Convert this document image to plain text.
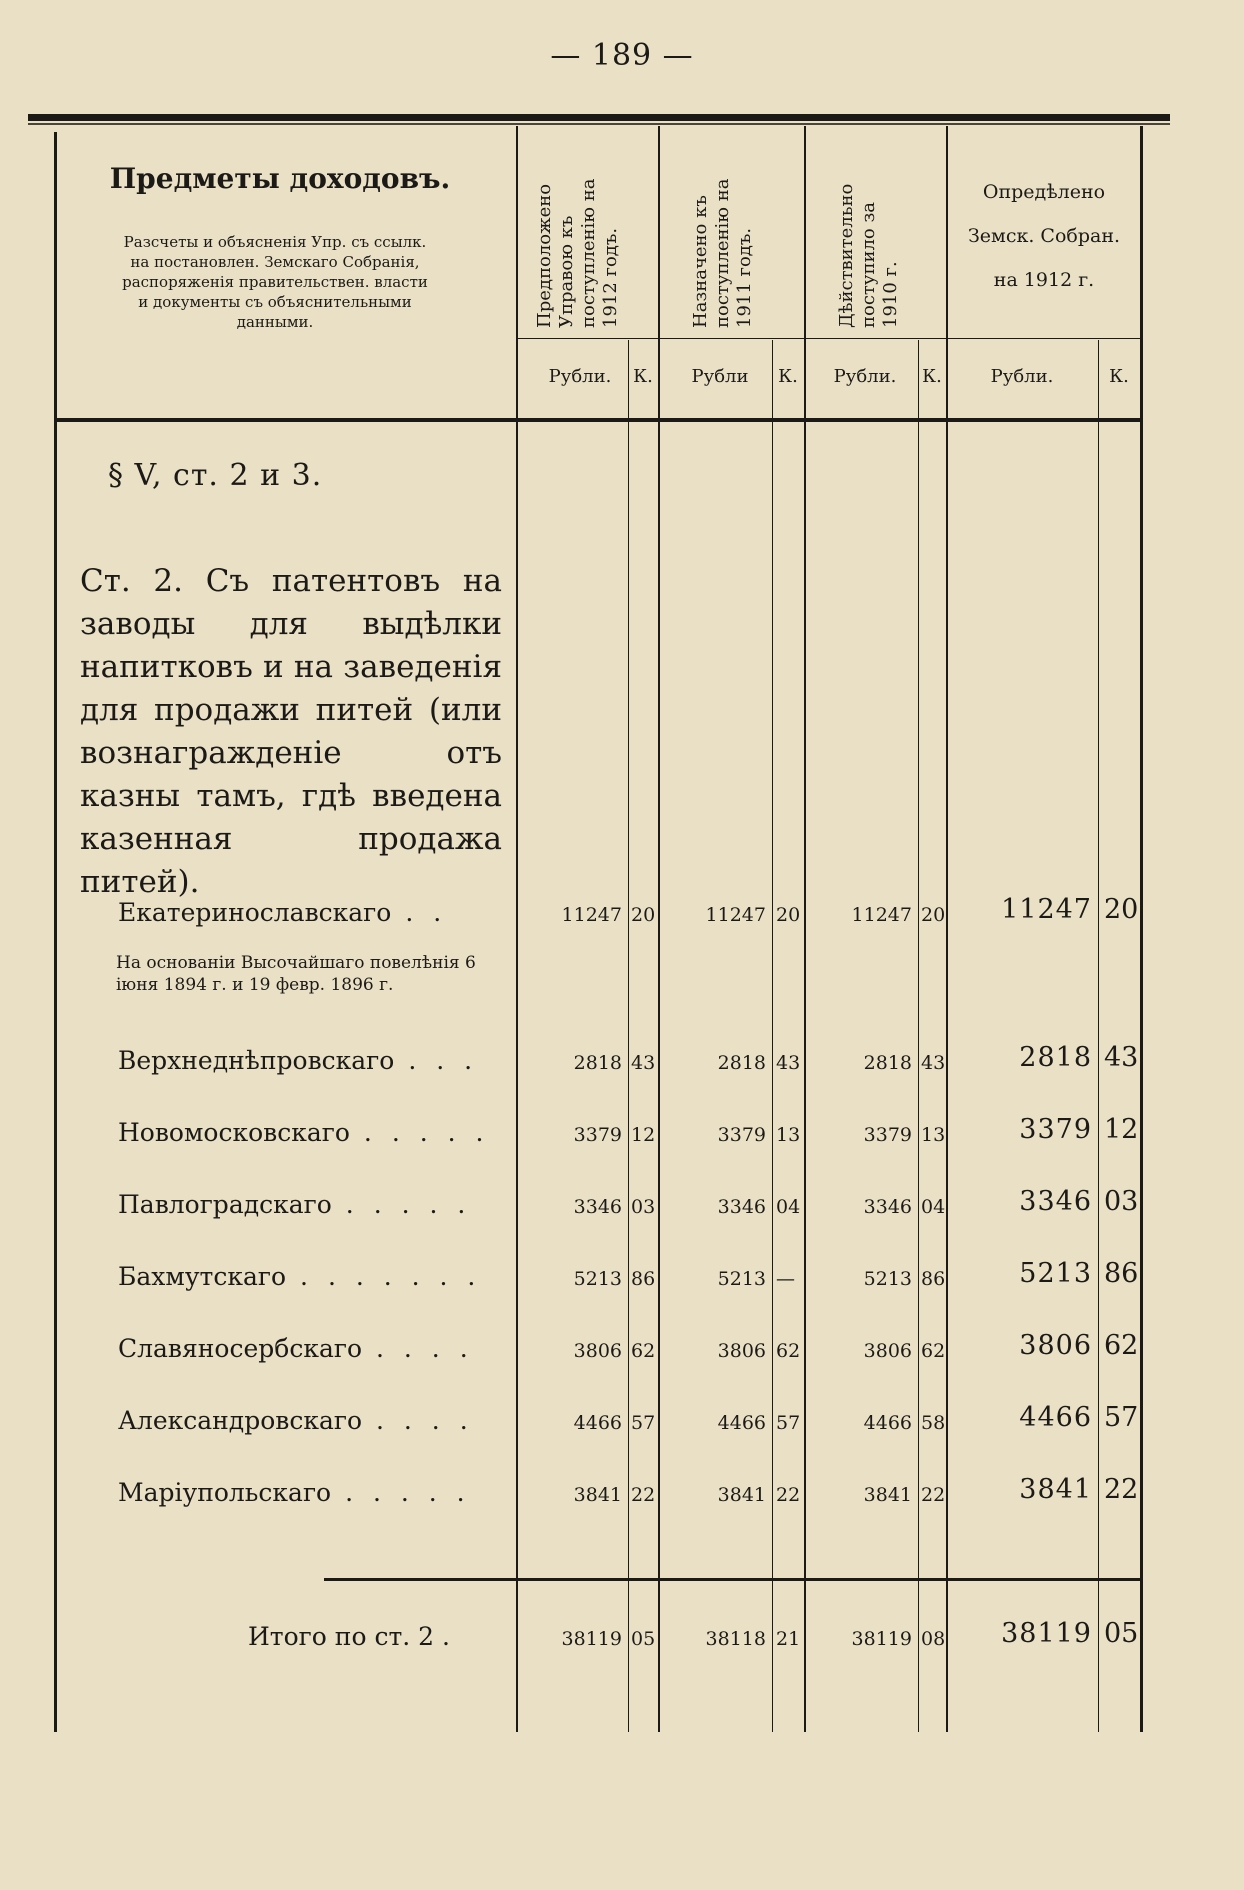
— 189 —
Предметы доходовъ.
Разсчеты и объясненія Упр. съ ссылк. на постановлен. Земскаго Собранія, распоряженія правительствен. власти и документы съ объяснительными данными.	Предположено Управою къ поступленію на 1912 годъ.	Назначено къ поступленію на 1911 годъ.	Дѣйствительно поступило за 1910 г.
Опредѣлено
Земск. Собран.
на 1912 г.
Рубли.	К.	Рубли	К.	Рубли.	К.	Рубли.	К.
§ V, ст. 2 и 3.
Ст. 2. Съ патентовъ на заводы для выдѣлки напитковъ и на заведенія для продажи питей (или вознагражденіе отъ казны тамъ, гдѣ введена казенная продажа питей).
На основаніи Высочайшаго повелѣнія 6 іюня 1894 г. и 19 февр. 1896 г.
Екатеринославскаго . .	11247 20	11247 20	11247 20	11247 20
Верхнеднѣпровскаго . . .	2818 43	2818 43	2818 43	2818 43
Новомосковскаго . . . . .	3379 12	3379 13	3379 13	3379 12
Павлоградскаго . . . . .	3346 03	3346 04	3346 04	3346 03
Бахмутскаго . . . . . . .	5213 86	5213 —	5213 86	5213 86
Славяносербскаго . . . .	3806 62	3806 62	3806 62	3806 62
Александровскаго . . . .	4466 57	4466 57	4466 58	4466 57
Маріупольскаго . . . . .	3841 22	3841 22	3841 22	3841 22
Итого по ст. 2 .	38119 05	38118 21	38119 08	38119 05
